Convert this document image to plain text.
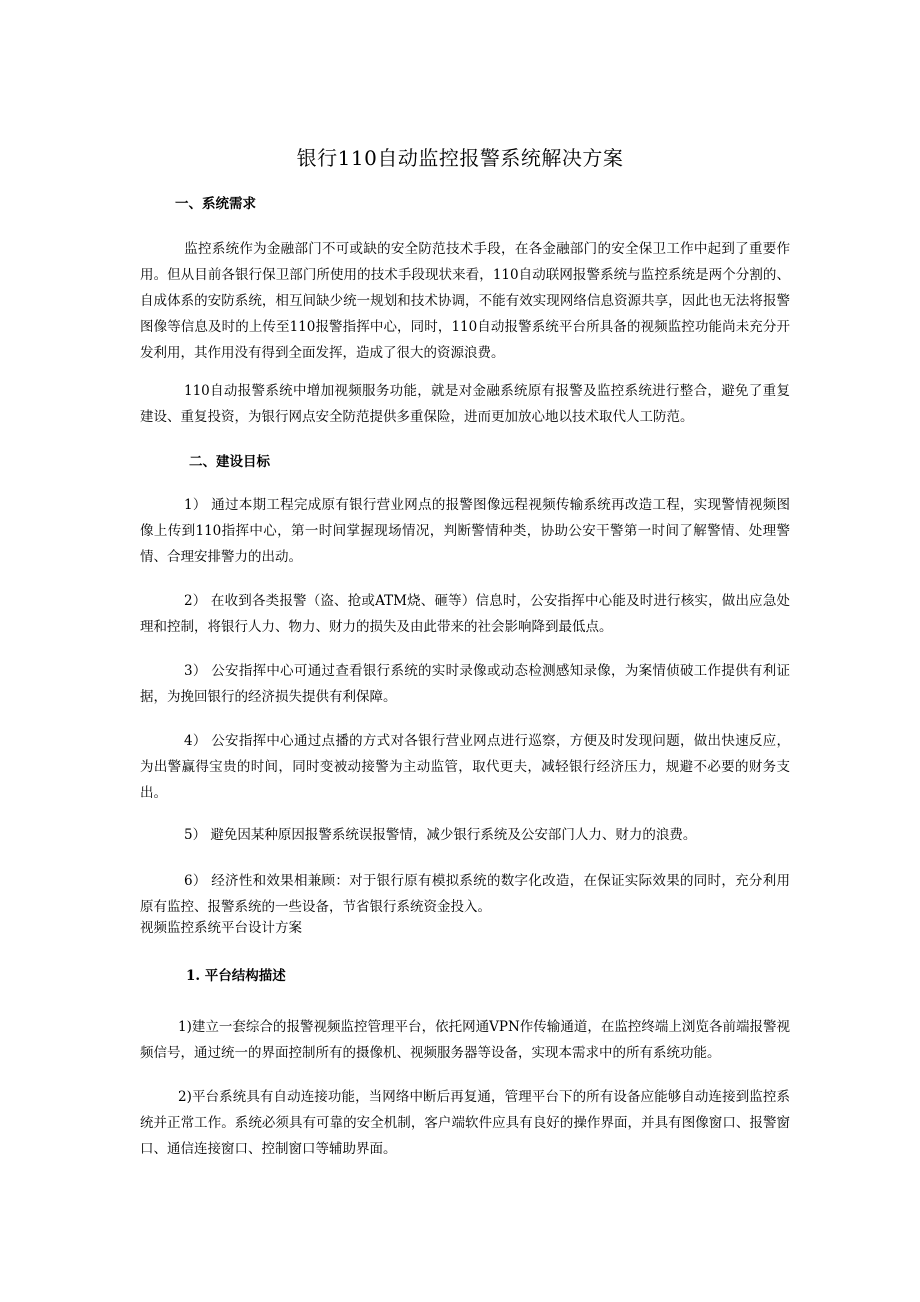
银行110自动监控报警系统解决方案
一、系统需求
监控系统作为金融部门不可或缺的安全防范技术手段，在各金融部门的安全保卫工作中起到了重要作用。但从目前各银行保卫部门所使用的技术手段现状来看，110自动联网报警系统与监控系统是两个分割的、自成体系的安防系统，相互间缺少统一规划和技术协调，不能有效实现网络信息资源共享，因此也无法将报警图像等信息及时的上传至110报警指挥中心，同时，110自动报警系统平台所具备的视频监控功能尚未充分开发利用，其作用没有得到全面发挥，造成了很大的资源浪费。
110自动报警系统中增加视频服务功能，就是对金融系统原有报警及监控系统进行整合，避免了重复建设、重复投资，为银行网点安全防范提供多重保险，进而更加放心地以技术取代人工防范。
二、建设目标
1） 通过本期工程完成原有银行营业网点的报警图像远程视频传输系统再改造工程，实现警情视频图像上传到110指挥中心，第一时间掌握现场情况，判断警情种类，协助公安干警第一时间了解警情、处理警情、合理安排警力的出动。
2） 在收到各类报警（盗、抢或ATM烧、砸等）信息时，公安指挥中心能及时进行核实，做出应急处理和控制，将银行人力、物力、财力的损失及由此带来的社会影响降到最低点。
3） 公安指挥中心可通过查看银行系统的实时录像或动态检测感知录像，为案情侦破工作提供有利证据，为挽回银行的经济损失提供有利保障。
4） 公安指挥中心通过点播的方式对各银行营业网点进行巡察，方便及时发现问题，做出快速反应，为出警赢得宝贵的时间，同时变被动接警为主动监管，取代更夫，减轻银行经济压力，规避不必要的财务支出。
5） 避免因某种原因报警系统误报警情，减少银行系统及公安部门人力、财力的浪费。
6） 经济性和效果相兼顾：对于银行原有模拟系统的数字化改造，在保证实际效果的同时，充分利用原有监控、报警系统的一些设备，节省银行系统资金投入。
视频监控系统平台设计方案
1. 平台结构描述
1)建立一套综合的报警视频监控管理平台，依托网通VPN作传输通道，在监控终端上浏览各前端报警视频信号，通过统一的界面控制所有的摄像机、视频服务器等设备，实现本需求中的所有系统功能。
2)平台系统具有自动连接功能，当网络中断后再复通，管理平台下的所有设备应能够自动连接到监控系统并正常工作。系统必须具有可靠的安全机制，客户端软件应具有良好的操作界面，并具有图像窗口、报警窗口、通信连接窗口、控制窗口等辅助界面。
